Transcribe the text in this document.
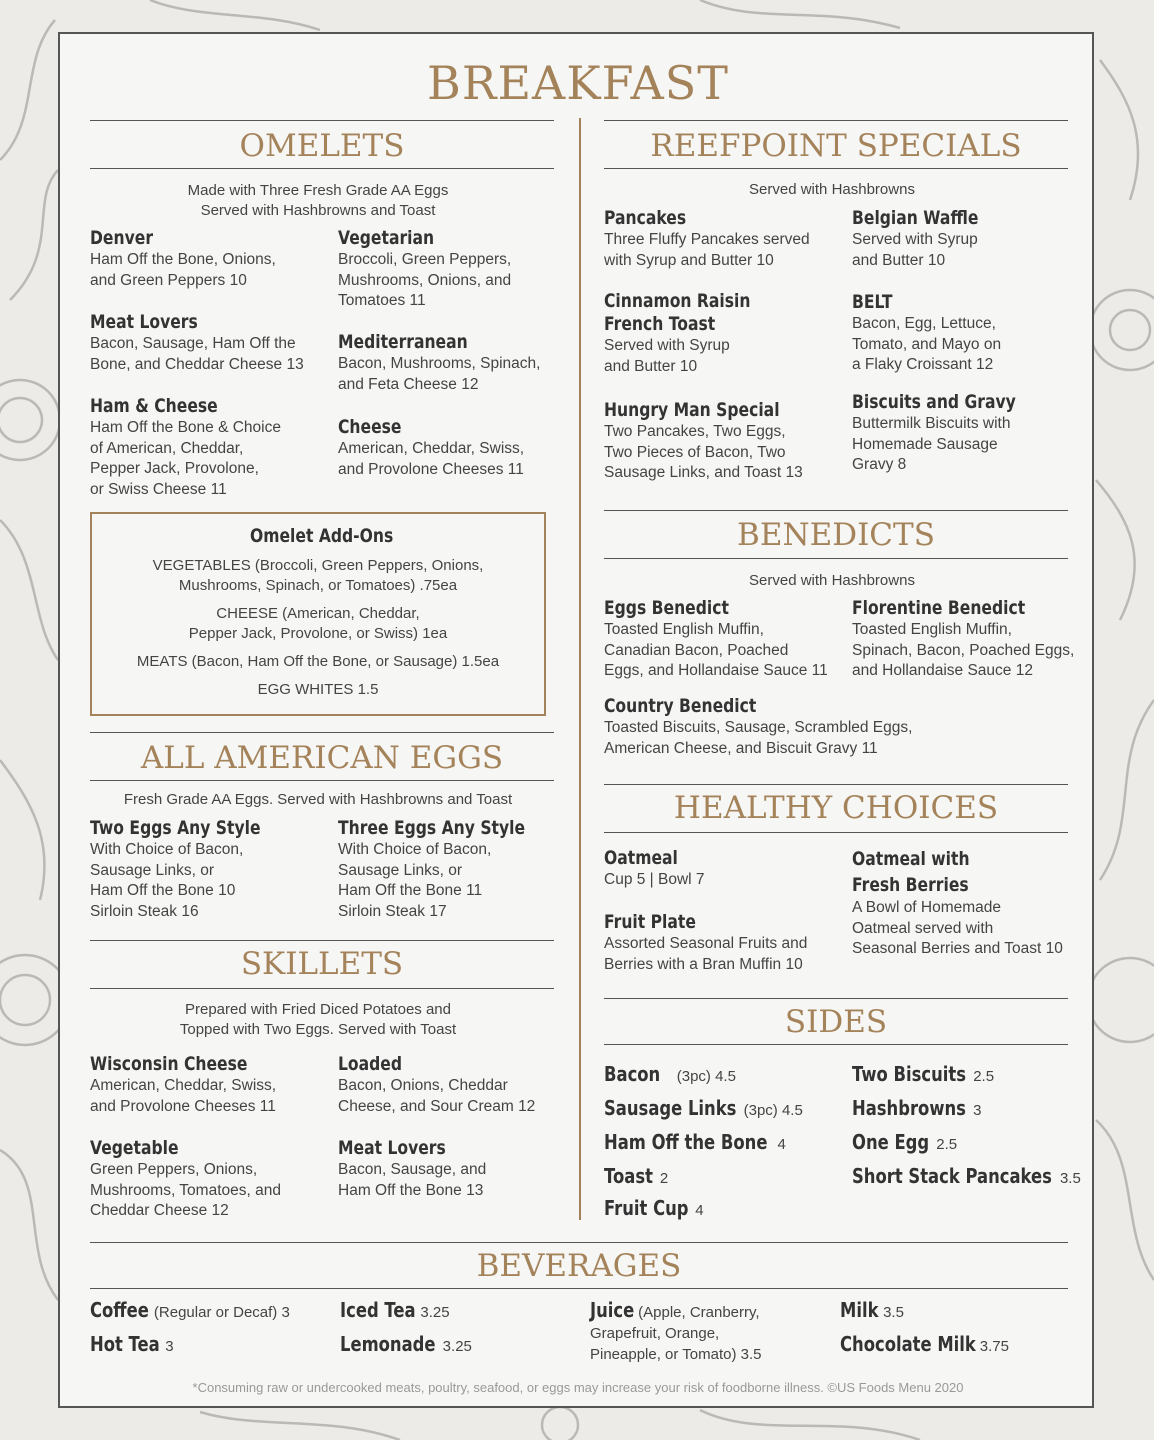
BREAKFAST
OMELETS
Made with Three Fresh Grade AA Eggs
Served with Hashbrowns and Toast
Denver
Ham Off the Bone, Onions,
and Green Peppers 10
Vegetarian
Broccoli, Green Peppers,
Mushrooms, Onions, and
Tomatoes 11
Meat Lovers
Bacon, Sausage, Ham Off the
Bone, and Cheddar Cheese 13
Mediterranean
Bacon, Mushrooms, Spinach,
and Feta Cheese 12
Ham & Cheese
Ham Off the Bone & Choice
of American, Cheddar,
Pepper Jack, Provolone,
or Swiss Cheese 11
Cheese
American, Cheddar, Swiss,
and Provolone Cheeses 11
Omelet Add-Ons
VEGETABLES (Broccoli, Green Peppers, Onions,
Mushrooms, Spinach, or Tomatoes) .75ea
CHEESE (American, Cheddar,
Pepper Jack, Provolone, or Swiss) 1ea
MEATS (Bacon, Ham Off the Bone, or Sausage) 1.5ea
EGG WHITES 1.5
ALL AMERICAN EGGS
Fresh Grade AA Eggs. Served with Hashbrowns and Toast
Two Eggs Any Style
With Choice of Bacon,
Sausage Links, or
Ham Off the Bone 10
Sirloin Steak 16
Three Eggs Any Style
With Choice of Bacon,
Sausage Links, or
Ham Off the Bone 11
Sirloin Steak 17
SKILLETS
Prepared with Fried Diced Potatoes and
Topped with Two Eggs. Served with Toast
Wisconsin Cheese
American, Cheddar, Swiss,
and Provolone Cheeses 11
Loaded
Bacon, Onions, Cheddar
Cheese, and Sour Cream 12
Vegetable
Green Peppers, Onions,
Mushrooms, Tomatoes, and
Cheddar Cheese 12
Meat Lovers
Bacon, Sausage, and
Ham Off the Bone 13
REEFPOINT SPECIALS
Served with Hashbrowns
Pancakes
Three Fluffy Pancakes served
with Syrup and Butter 10
Belgian Waffle
Served with Syrup
and Butter 10
Cinnamon Raisin
French Toast
Served with Syrup
and Butter 10
BELT
Bacon, Egg, Lettuce,
Tomato, and Mayo on
a Flaky Croissant 12
Hungry Man Special
Two Pancakes, Two Eggs,
Two Pieces of Bacon, Two
Sausage Links, and Toast 13
Biscuits and Gravy
Buttermilk Biscuits with
Homemade Sausage
Gravy 8
BENEDICTS
Served with Hashbrowns
Eggs Benedict
Toasted English Muffin,
Canadian Bacon, Poached
Eggs, and Hollandaise Sauce 11
Florentine Benedict
Toasted English Muffin,
Spinach, Bacon, Poached Eggs,
and Hollandaise Sauce 12
Country Benedict
Toasted Biscuits, Sausage, Scrambled Eggs,
American Cheese, and Biscuit Gravy 11
HEALTHY CHOICES
Oatmeal
Cup 5 | Bowl 7
Oatmeal with
Fresh Berries
A Bowl of Homemade
Oatmeal served with
Seasonal Berries and Toast 10
Fruit Plate
Assorted Seasonal Fruits and
Berries with a Bran Muffin 10
SIDES
Bacon (3pc) 4.5
Sausage Links (3pc) 4.5
Ham Off the Bone 4
Toast 2
Fruit Cup 4
Two Biscuits 2.5
Hashbrowns 3
One Egg 2.5
Short Stack Pancakes 3.5
BEVERAGES
Coffee (Regular or Decaf) 3
Hot Tea 3
Iced Tea 3.25
Lemonade 3.25
Juice (Apple, Cranberry,
Grapefruit, Orange,
Pineapple, or Tomato) 3.5
Milk 3.5
Chocolate Milk 3.75
*Consuming raw or undercooked meats, poultry, seafood, or eggs may increase your risk of foodborne illness. ©US Foods Menu 2020
